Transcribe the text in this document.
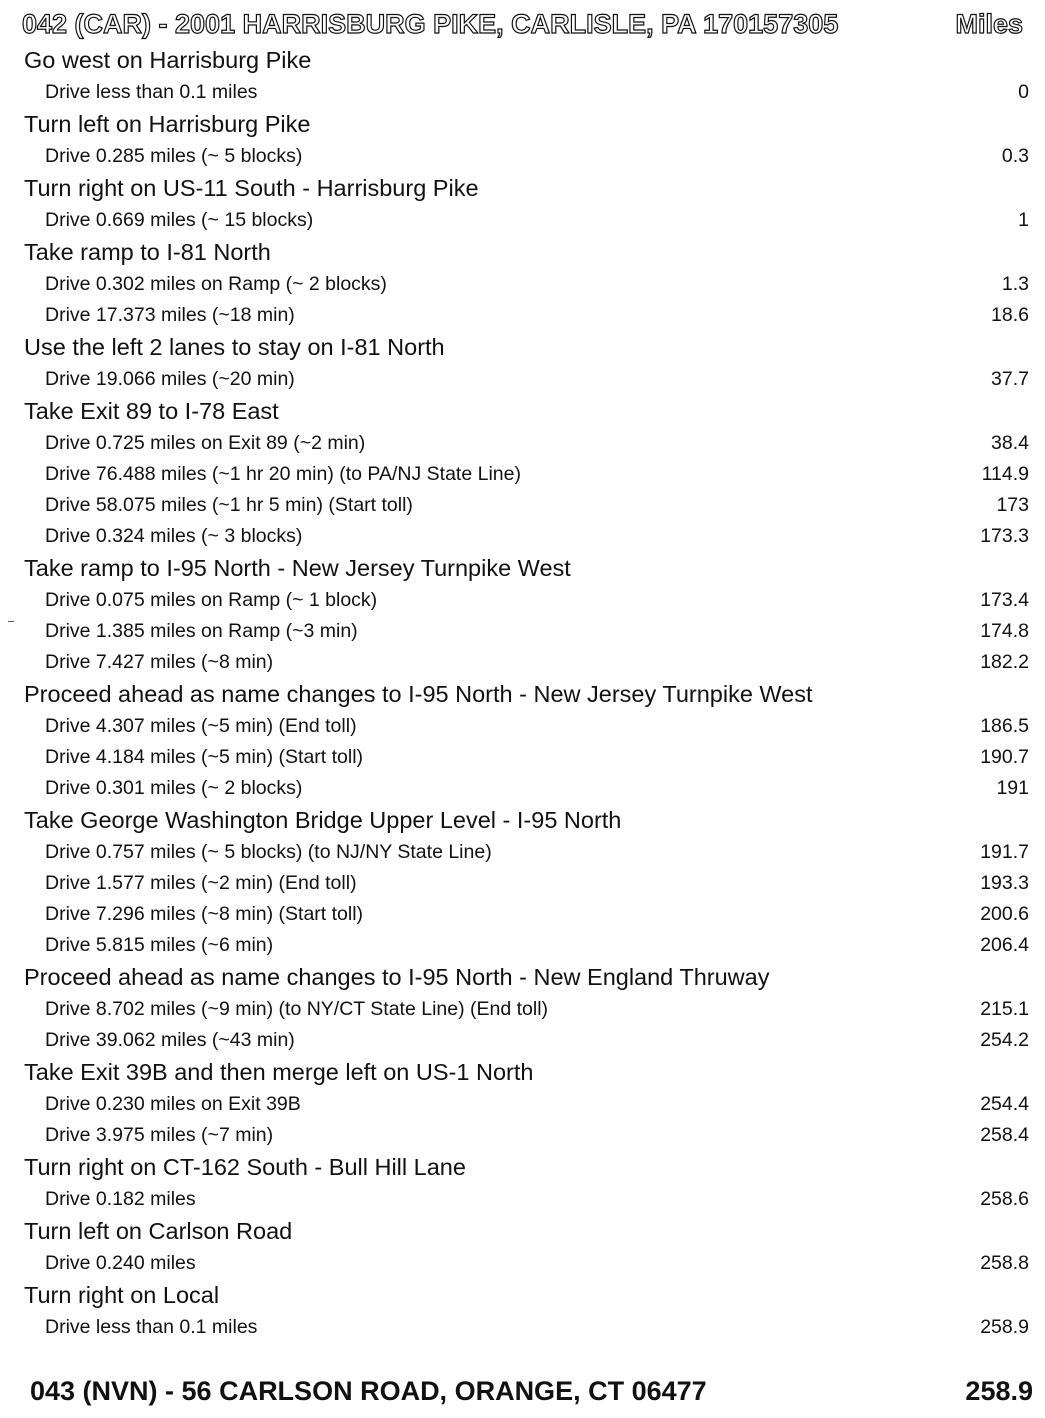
042 (CAR) - 2001 HARRISBURG PIKE, CARLISLE, PA 170157305	Miles
Go west on Harrisburg Pike
Drive less than 0.1 miles	0
Turn left on Harrisburg Pike
Drive 0.285 miles (~ 5 blocks)	0.3
Turn right on US-11 South - Harrisburg Pike
Drive 0.669 miles (~ 15 blocks)	1
Take ramp to I-81 North
Drive 0.302 miles on Ramp (~ 2 blocks)	1.3
Drive 17.373 miles (~18 min)	18.6
Use the left 2 lanes to stay on I-81 North
Drive 19.066 miles (~20 min)	37.7
Take Exit 89 to I-78 East
Drive 0.725 miles on Exit 89 (~2 min)	38.4
Drive 76.488 miles (~1 hr 20 min) (to PA/NJ State Line)	114.9
Drive 58.075 miles (~1 hr 5 min) (Start toll)	173
Drive 0.324 miles (~ 3 blocks)	173.3
Take ramp to I-95 North - New Jersey Turnpike West
Drive 0.075 miles on Ramp (~ 1 block)	173.4
Drive 1.385 miles on Ramp (~3 min)	174.8
Drive 7.427 miles (~8 min)	182.2
Proceed ahead as name changes to I-95 North - New Jersey Turnpike West
Drive 4.307 miles (~5 min) (End toll)	186.5
Drive 4.184 miles (~5 min) (Start toll)	190.7
Drive 0.301 miles (~ 2 blocks)	191
Take George Washington Bridge Upper Level - I-95 North
Drive 0.757 miles (~ 5 blocks) (to NJ/NY State Line)	191.7
Drive 1.577 miles (~2 min) (End toll)	193.3
Drive 7.296 miles (~8 min) (Start toll)	200.6
Drive 5.815 miles (~6 min)	206.4
Proceed ahead as name changes to I-95 North - New England Thruway
Drive 8.702 miles (~9 min) (to NY/CT State Line) (End toll)	215.1
Drive 39.062 miles (~43 min)	254.2
Take Exit 39B and then merge left on US-1 North
Drive 0.230 miles on Exit 39B	254.4
Drive 3.975 miles (~7 min)	258.4
Turn right on CT-162 South - Bull Hill Lane
Drive 0.182 miles	258.6
Turn left on Carlson Road
Drive 0.240 miles	258.8
Turn right on Local
Drive less than 0.1 miles	258.9
043 (NVN) - 56 CARLSON ROAD, ORANGE, CT 06477	258.9
